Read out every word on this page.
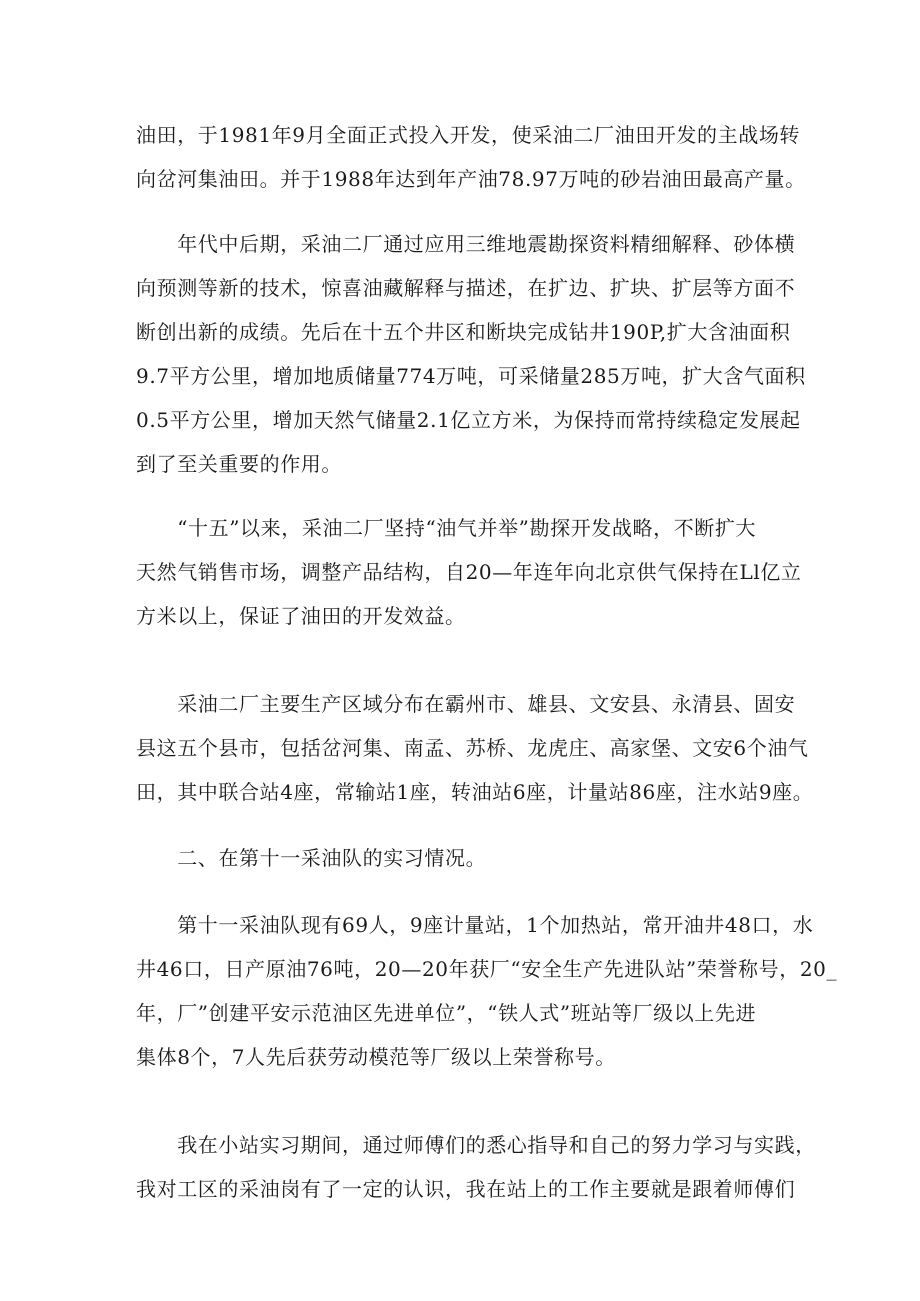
油田，于1981年9月全面正式投入开发，使采油二厂油田开发的主战场转
向岔河集油田。并于1988年达到年产油78.97万吨的砂岩油田最高产量。
　　年代中后期，采油二厂通过应用三维地震勘探资料精细解释、砂体横
向预测等新的技术，惊喜油藏解释与描述，在扩边、扩块、扩层等方面不
断创出新的成绩。先后在十五个井区和断块完成钻井190P,扩大含油面积
9.7平方公里，增加地质储量774万吨，可采储量285万吨，扩大含气面积
0.5平方公里，增加天然气储量2.1亿立方米，为保持而常持续稳定发展起
到了至关重要的作用。
　　“十五”以来，采油二厂坚持“油气并举”勘探开发战略，不断扩大
天然气销售市场，调整产品结构，自20—年连年向北京供气保持在Ll亿立
方米以上，保证了油田的开发效益。
　　采油二厂主要生产区域分布在霸州市、雄县、文安县、永清县、固安
县这五个县市，包括岔河集、南孟、苏桥、龙虎庄、高家堡、文安6个油气
田，其中联合站4座，常输站1座，转油站6座，计量站86座，注水站9座。
　　二、在第十一采油队的实习情况。
　　第十一采油队现有69人，9座计量站，1个加热站，常开油井48口，水
井46口，日产原油76吨，20—20年获厂“安全生产先进队站”荣誉称号，20_
年，厂”创建平安示范油区先进单位”，“铁人式”班站等厂级以上先进
集体8个，7人先后获劳动模范等厂级以上荣誉称号。
　　我在小站实习期间，通过师傅们的悉心指导和自己的努力学习与实践，
我对工区的采油岗有了一定的认识，我在站上的工作主要就是跟着师傅们
